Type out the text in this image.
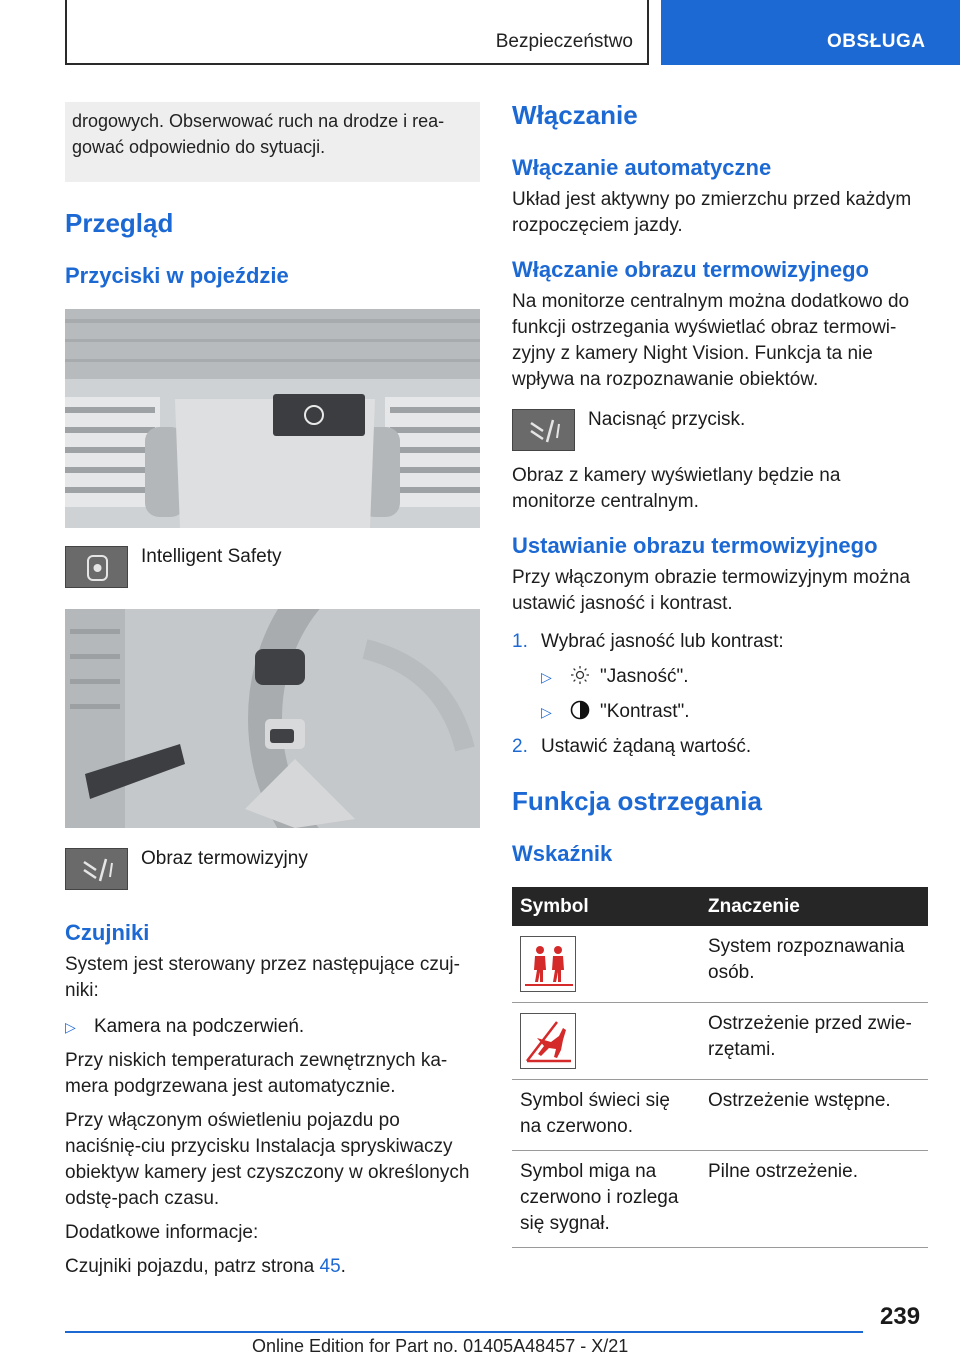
Bezpieczeństwo	OBSŁUGA
drogowych. Obserwować ruch na drodze i rea‐gować odpowiednio do sytuacji.
Przegląd
Przyciski w pojeździe
Intelligent Safety
Obraz termowizyjny
Czujniki

System jest sterowany przez następujące czuj‐niki:

▷ Kamera na podczerwień.

Przy niskich temperaturach zewnętrznych ka‐mera podgrzewana jest automatycznie.

Przy włączonym oświetleniu pojazdu po naciśnię‐ciu przycisku Instalacja spryskiwaczy obiektyw kamery jest czyszczony w określonych odstę‐pach czasu.

Dodatkowe informacje:

Czujniki pojazdu, patrz strona 45.

Włączanie
Włączanie automatyczne

Układ jest aktywny po zmierzchu przed każdym rozpoczęciem jazdy.

Włączanie obrazu termowizyjnego

Na monitorze centralnym można dodatkowo do funkcji ostrzegania wyświetlać obraz termowi‐zyjny z kamery Night Vision. Funkcja ta nie wpływa na rozpoznawanie obiektów.

Nacisnąć przycisk.

Obraz z kamery wyświetlany będzie na monitorze centralnym.

Ustawianie obrazu termowizyjnego

Przy włączonym obrazie termowizyjnym można ustawić jasność i kontrast.

1. Wybrać jasność lub kontrast:
▷	"Jasność".
▷	"Kontrast".
2. Ustawić żądaną wartość.
Funkcja ostrzegania
Wskaźnik
Symbol	Znaczenie

	System rozpoznawania osób.

	Ostrzeżenie przed zwie‐rzętami.
Symbol świeci się na czerwono.	Ostrzeżenie wstępne.
Symbol miga na czerwono i rozlega się sygnał.	Pilne ostrzeżenie.
239
Online Edition for Part no. 01405A48457 - X/21
